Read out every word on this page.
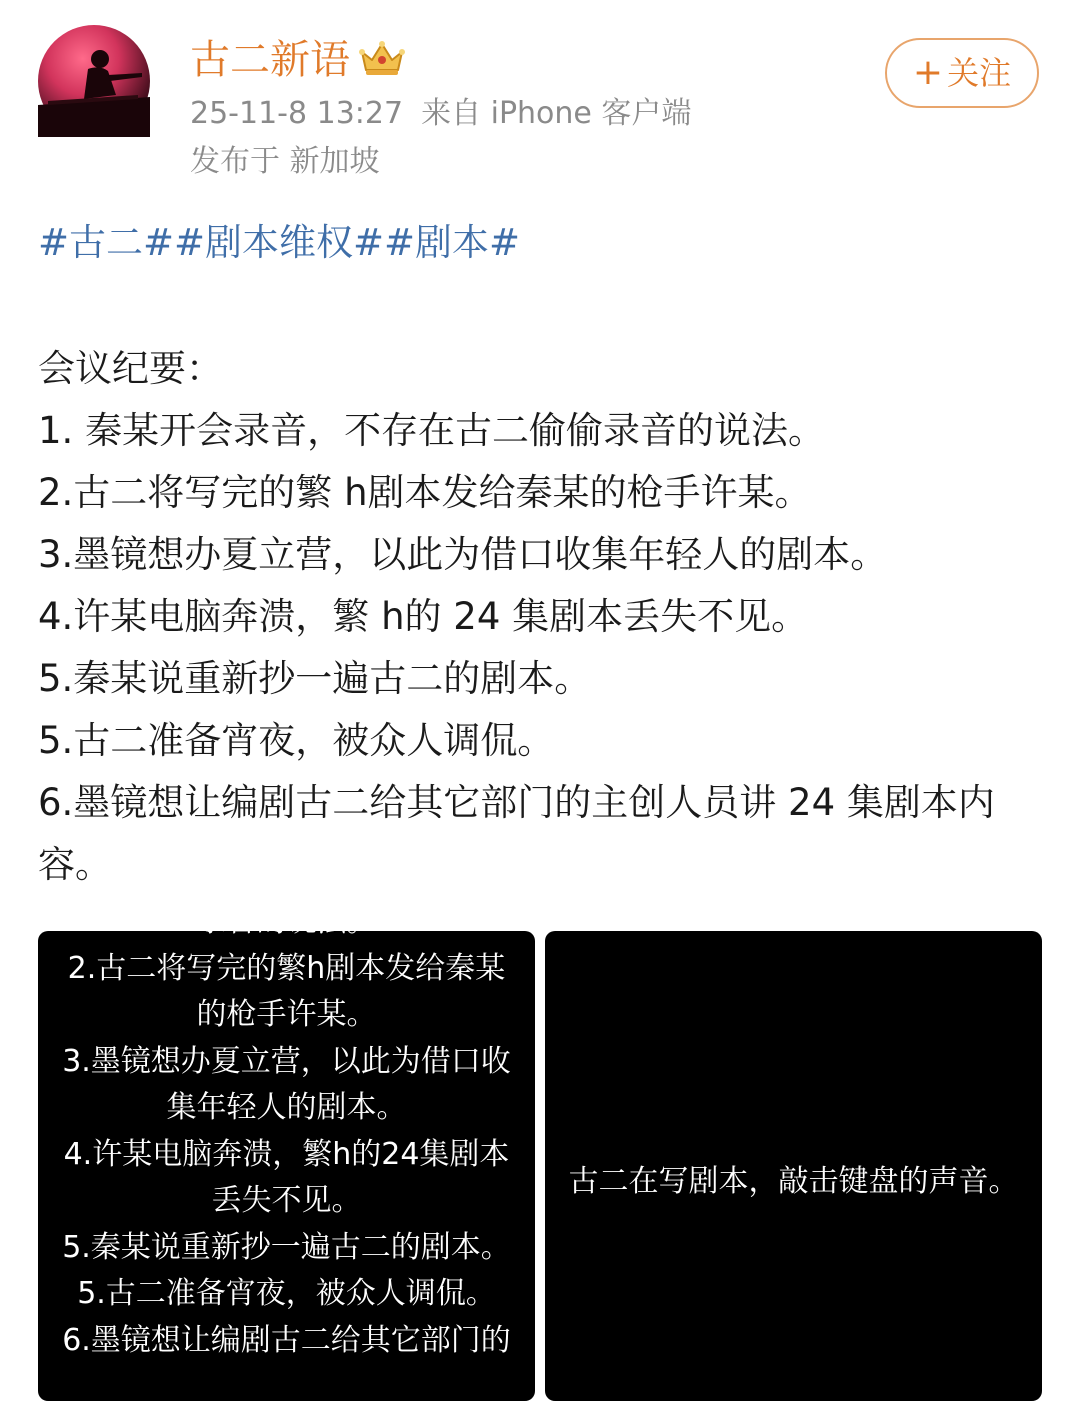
古二新语
25-11-8 13:27 来自 iPhone 客户端
发布于 新加坡
+ 关注
#古二##剧本维权##剧本#
会议纪要：
1. 秦某开会录音，不存在古二偷偷录音的说法。
2.古二将写完的繁 h剧本发给秦某的枪手许某。
3.墨镜想办夏立营，以此为借口收集年轻人的剧本。
4.许某电脑奔溃，繁 h的 24 集剧本丢失不见。
5.秦某说重新抄一遍古二的剧本。
5.古二准备宵夜，被众人调侃。
6.墨镜想让编剧古二给其它部门的主创人员讲 24 集剧本内容。
录音的说法。
2.古二将写完的繁h剧本发给秦某
的枪手许某。
3.墨镜想办夏立营，以此为借口收
集年轻人的剧本。
4.许某电脑奔溃，繁h的24集剧本
丢失不见。
5.秦某说重新抄一遍古二的剧本。
5.古二准备宵夜，被众人调侃。
6.墨镜想让编剧古二给其它部门的
古二在写剧本，敲击键盘的声音。
